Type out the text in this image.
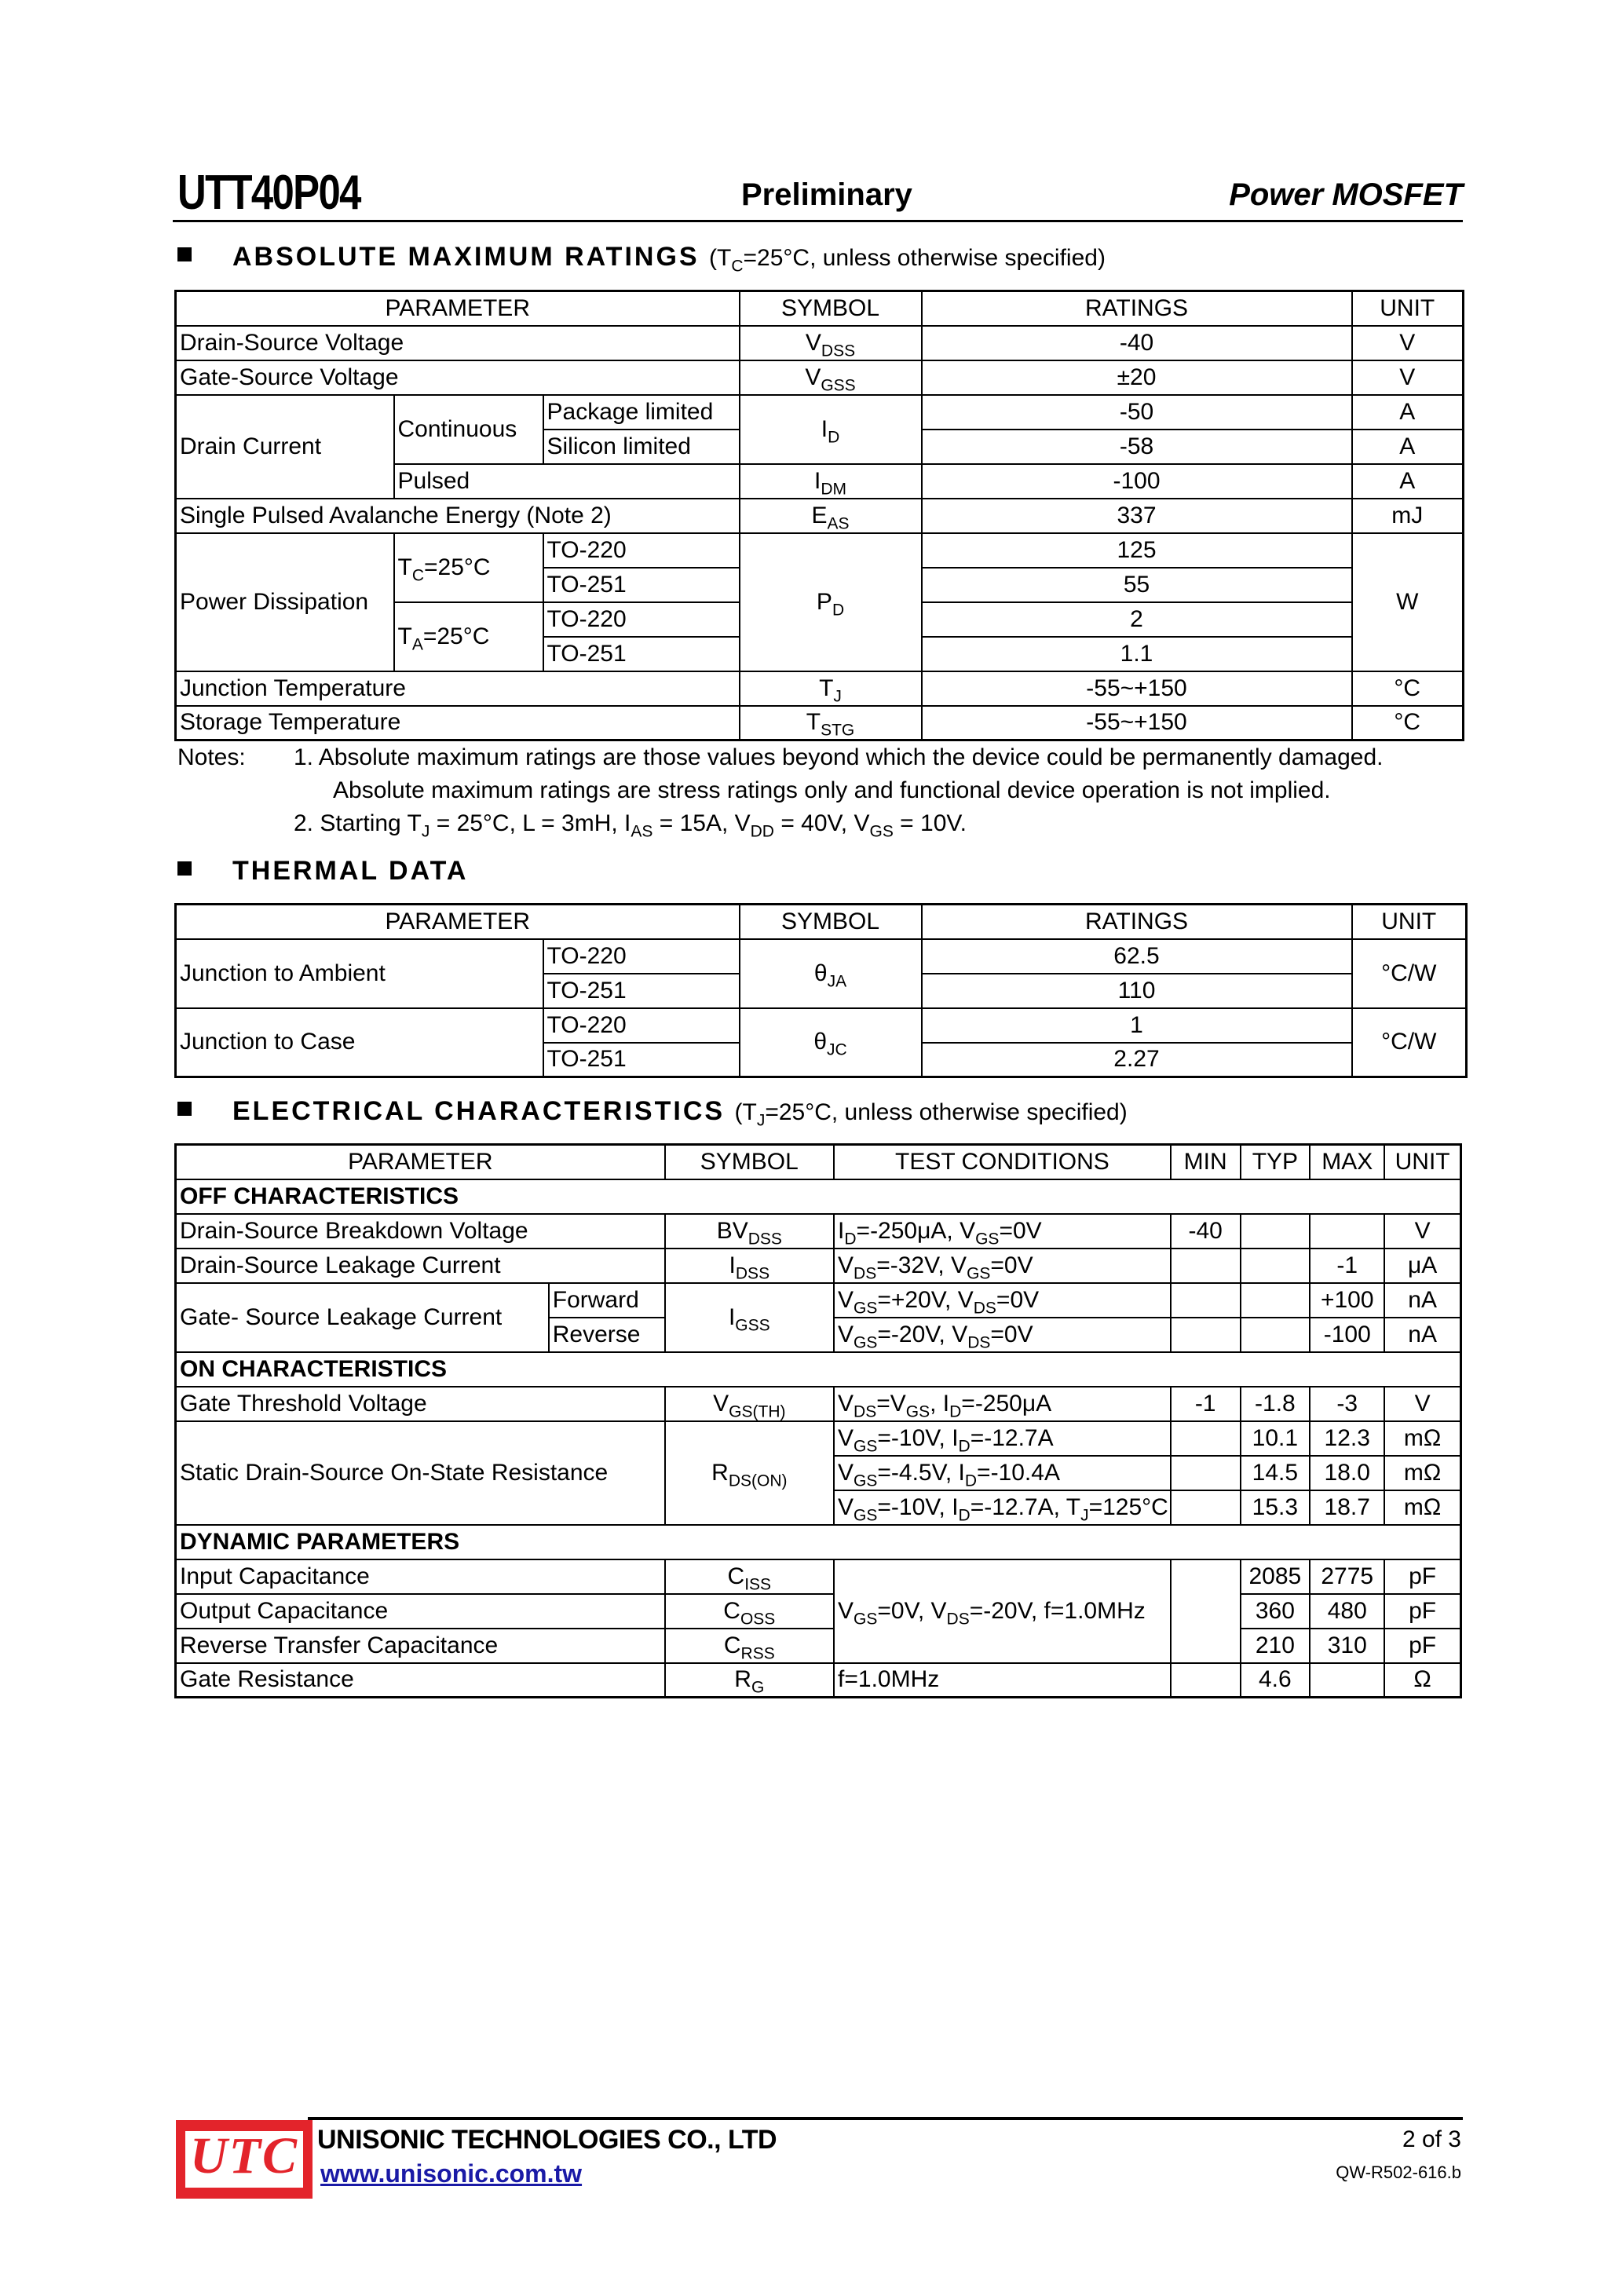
UTT40P04	Preliminary	Power MOSFET
ABSOLUTE MAXIMUM RATINGS ($T_C=25^\circ C$, unless otherwise specified)
PARAMETER			SYMBOL	RATINGS	UNIT
Drain-Source Voltage			$V_{DSS}$	-40	V
Gate-Source Voltage			$V_{GSS}$	±20	V
Drain Current	Continuous	Package limited	$I_D$	-50	A
		Silicon limited		-58	A
	Pulsed		$I_{DM}$	-100	A
Single Pulsed Avalanche Energy (Note 2)			$E_{AS}$	337	mJ
Power Dissipation	$T_C=25^\circ C$	TO-220	$P_D$	125	W
		TO-251		55	
	$T_A=25^\circ C$	TO-220		2	
		TO-251		1.1	
Junction Temperature			$T_J$	-55~+150	°C
Storage Temperature			$T_{STG}$	-55~+150	°C
Notes: 1. Absolute maximum ratings are those values beyond which the device could be permanently damaged.
Absolute maximum ratings are stress ratings only and functional device operation is not implied.
2. Starting $T_J = 25^\circ C$, L = 3mH, $I_{AS} = 15A$, $V_{DD} = 40V$, $V_{GS} = 10V$.
THERMAL DATA
PARAMETER		SYMBOL	RATINGS	UNIT
Junction to Ambient	TO-220	$\theta_{JA}$	62.5	°C/W
	TO-251		110	
Junction to Case	TO-220	$\theta_{JC}$	1	°C/W
	TO-251		2.27	
ELECTRICAL CHARACTERISTICS ($T_J=25^\circ C$, unless otherwise specified)
PARAMETER		SYMBOL	TEST CONDITIONS	MIN	TYP	MAX	UNIT
OFF CHARACTERISTICS							
Drain-Source Breakdown Voltage		$BV_{DSS}$	$I_D=-250\mu A$, $V_{GS}=0V$	-40			V
Drain-Source Leakage Current		$I_{DSS}$	$V_{DS}=-32V$, $V_{GS}=0V$			-1	μA
Gate- Source Leakage Current	Forward	$I_{GSS}$	$V_{GS}=+20V$, $V_{DS}=0V$			+100	nA
	Reverse		$V_{GS}=-20V$, $V_{DS}=0V$			-100	nA
ON CHARACTERISTICS							
Gate Threshold Voltage		$V_{GS(TH)}$	$V_{DS}=V_{GS}$, $I_D=-250\mu A$	-1	-1.8	-3	V
Static Drain-Source On-State Resistance		$R_{DS(ON)}$	$V_{GS}=-10V$, $I_D=-12.7A$		10.1	12.3	mΩ
			$V_{GS}=-4.5V$, $I_D=-10.4A$		14.5	18.0	mΩ
			$V_{GS}=-10V$, $I_D=-12.7A$, $T_J=125^\circ C$		15.3	18.7	mΩ
DYNAMIC PARAMETERS							
Input Capacitance		$C_{ISS}$	$V_{GS}=0V$, $V_{DS}=-20V$, f=1.0MHz		2085	2775	pF
Output Capacitance		$C_{OSS}$			360	480	pF
Reverse Transfer Capacitance		$C_{RSS}$			210	310	pF
Gate Resistance		$R_G$	f=1.0MHz		4.6		Ω
UTC UNISONIC TECHNOLOGIES CO., LTD
www.unisonic.com.tw
2 of 3
QW-R502-616.b
